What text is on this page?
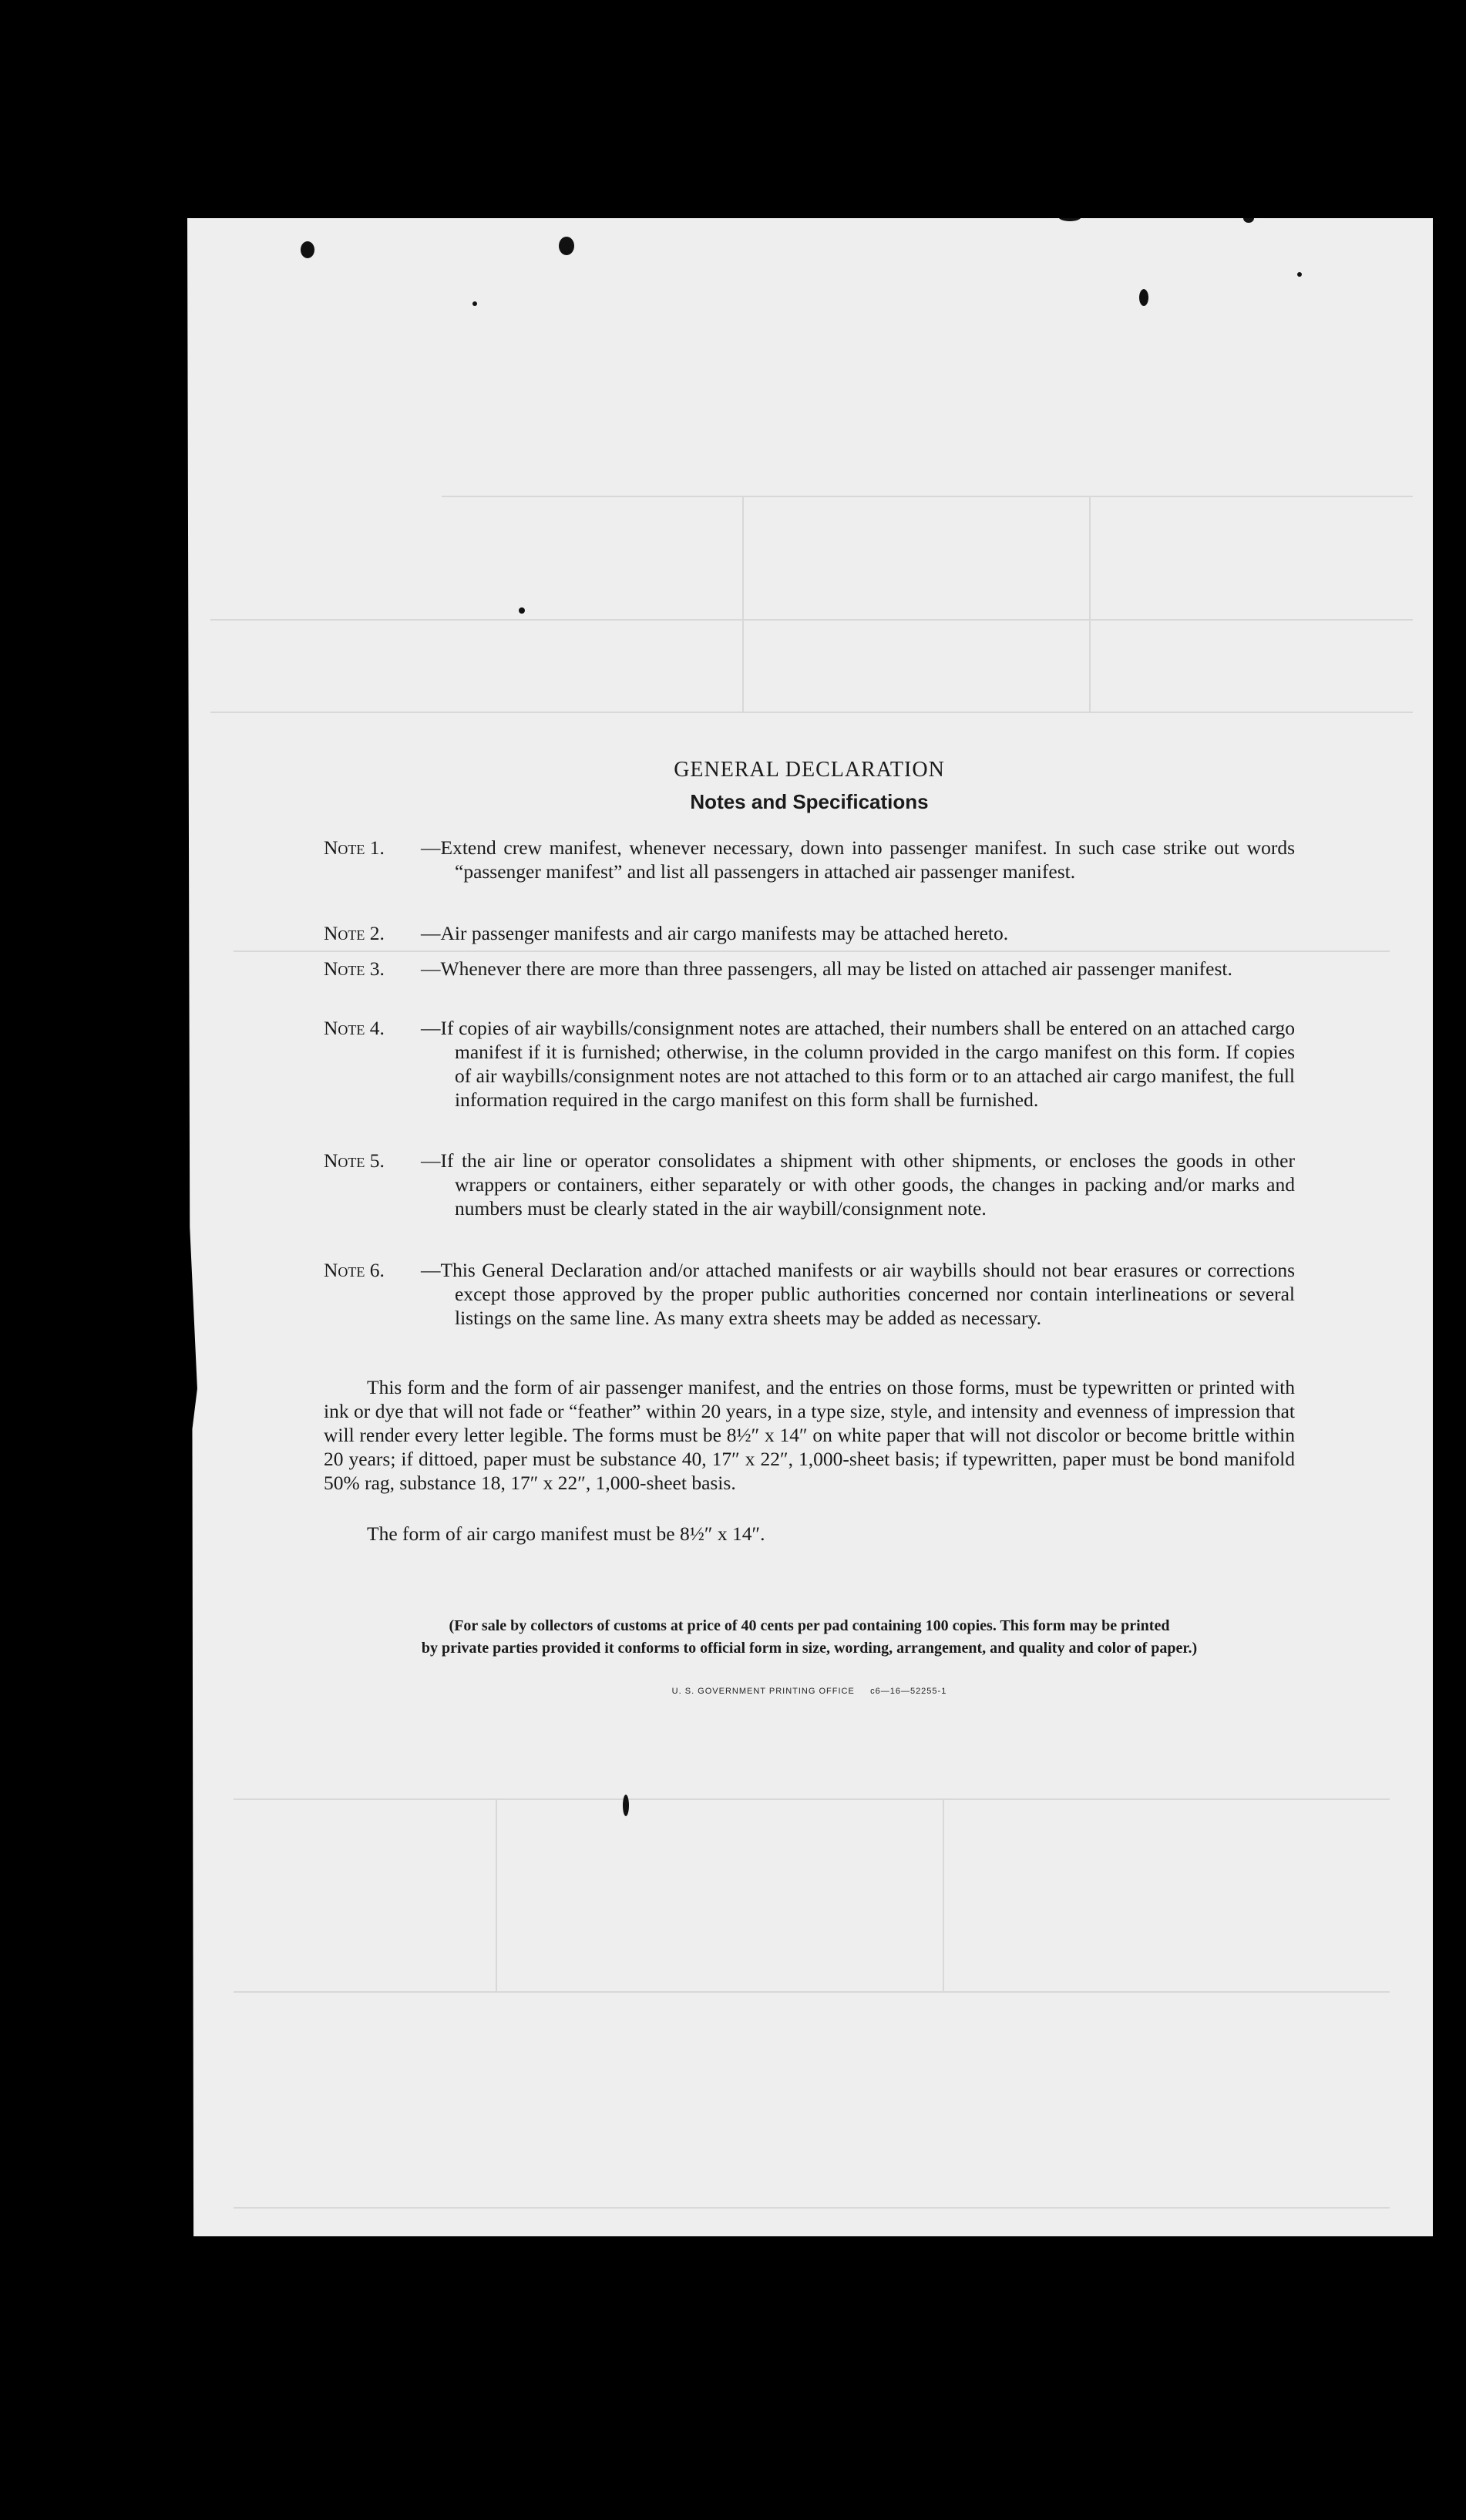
GENERAL DECLARATION
Notes and Specifications
Note 1.	—Extend crew manifest, whenever necessary, down into passenger manifest. In such case strike out words “passenger manifest” and list all passengers in attached air passenger manifest.
Note 2.	—Air passenger manifests and air cargo manifests may be attached hereto.
Note 3.	—Whenever there are more than three passengers, all may be listed on attached air passenger manifest.
Note 4.	—If copies of air waybills/consignment notes are attached, their numbers shall be entered on an attached cargo manifest if it is furnished; otherwise, in the column provided in the cargo manifest on this form. If copies of air waybills/consignment notes are not attached to this form or to an attached air cargo manifest, the full information required in the cargo manifest on this form shall be furnished.
Note 5.	—If the air line or operator consolidates a shipment with other shipments, or encloses the goods in other wrappers or containers, either separately or with other goods, the changes in packing and/or marks and numbers must be clearly stated in the air waybill/consignment note.
Note 6.	—This General Declaration and/or attached manifests or air waybills should not bear erasures or corrections except those approved by the proper public authorities concerned nor contain interlineations or several listings on the same line. As many extra sheets may be added as necessary.
This form and the form of air passenger manifest, and the entries on those forms, must be typewritten or printed with ink or dye that will not fade or “feather” within 20 years, in a type size, style, and intensity and evenness of impression that will render every letter legible. The forms must be 8½″ x 14″ on white paper that will not discolor or become brittle within 20 years; if dittoed, paper must be substance 40, 17″ x 22″, 1,000-sheet basis; if typewritten, paper must be bond manifold 50% rag, substance 18, 17″ x 22″, 1,000-sheet basis.
The form of air cargo manifest must be 8½″ x 14″.
(For sale by collectors of customs at price of 40 cents per pad containing 100 copies. This form may be printed
by private parties provided it conforms to official form in size, wording, arrangement, and quality and color of paper.)
U. S. GOVERNMENT PRINTING OFFICE     c6—16—52255-1
